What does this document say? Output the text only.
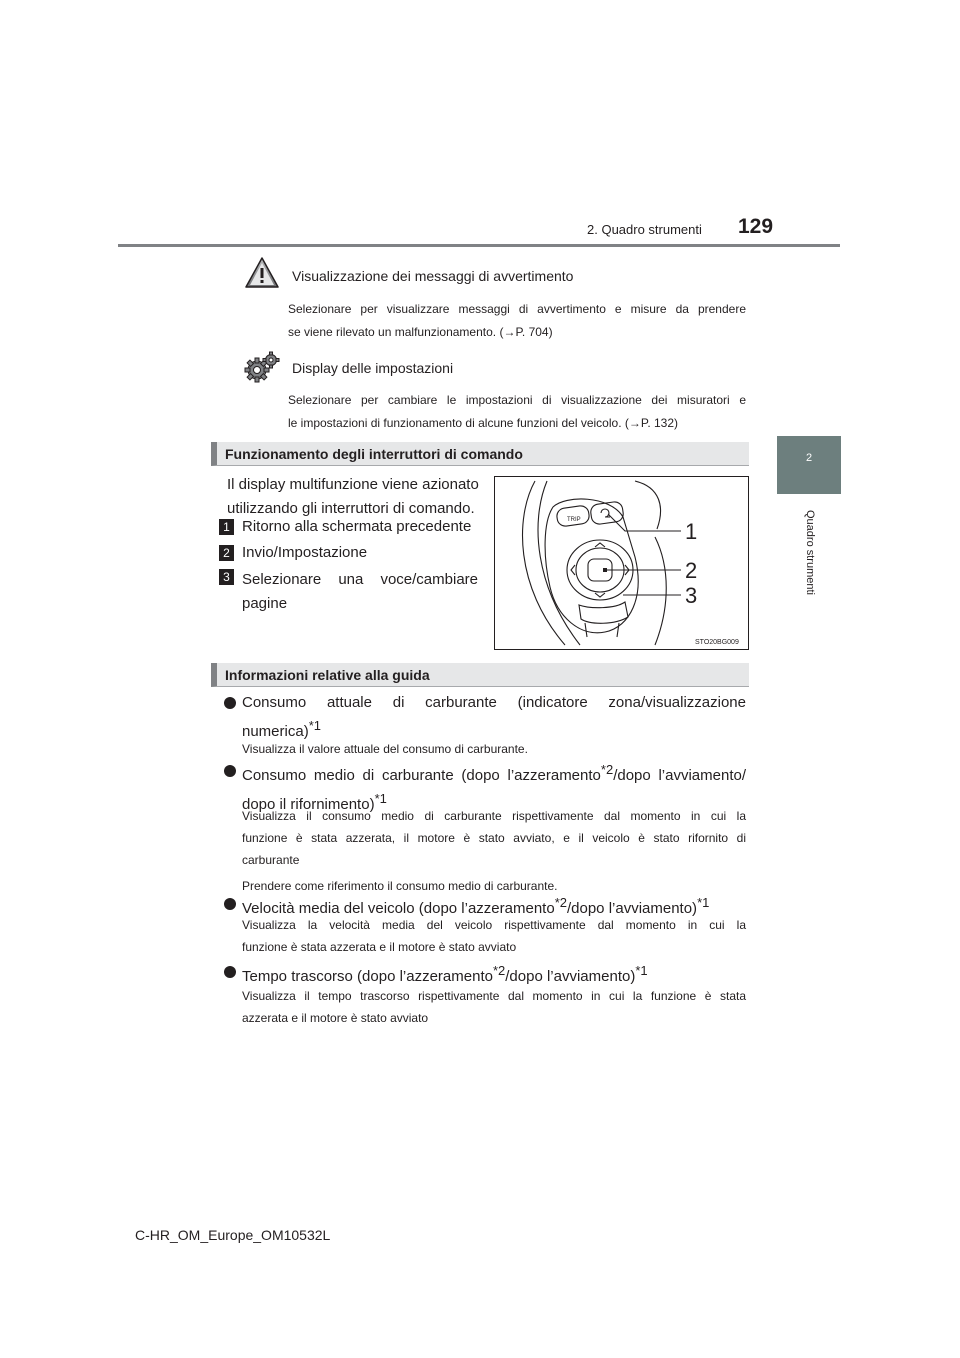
2. Quadro strumenti 129
2
Quadro strumenti
Visualizzazione dei messaggi di avvertimento
Selezionare per visualizzare messaggi di avvertimento e misure da prendere
se viene rilevato un malfunzionamento. (→P. 704)
Display delle impostazioni
Selezionare per cambiare le impostazioni di visualizzazione dei misuratori e
le impostazioni di funzionamento di alcune funzioni del veicolo. (→P. 132)
Funzionamento degli interruttori di comando
Il display multifunzione viene azionato
utilizzando gli interruttori di comando.
1 Ritorno alla schermata precedente
2 Invio/Impostazione
3 Selezionare una voce/cambiare
pagine
TRIP	1
2
3
STO20BG009
Informazioni relative alla guida
Consumo attuale di carburante (indicatore zona/visualizzazione
numerica)$^{*1}$
Visualizza il valore attuale del consumo di carburante.
Consumo medio di carburante (dopo l’azzeramento$^{*2}$/dopo l’avviamento/
dopo il rifornimento)$^{*1}$
Visualizza il consumo medio di carburante rispettivamente dal momento in cui la
funzione è stata azzerata, il motore è stato avviato, e il veicolo è stato rifornito di
carburante
Prendere come riferimento il consumo medio di carburante.
Velocità media del veicolo (dopo l’azzeramento$^{*2}$/dopo l’avviamento)$^{*1}$
Visualizza la velocità media del veicolo rispettivamente dal momento in cui la
funzione è stata azzerata e il motore è stato avviato
Tempo trascorso (dopo l’azzeramento$^{*2}$/dopo l’avviamento)$^{*1}$
Visualizza il tempo trascorso rispettivamente dal momento in cui la funzione è stata
azzerata e il motore è stato avviato
C-HR_OM_Europe_OM10532L
